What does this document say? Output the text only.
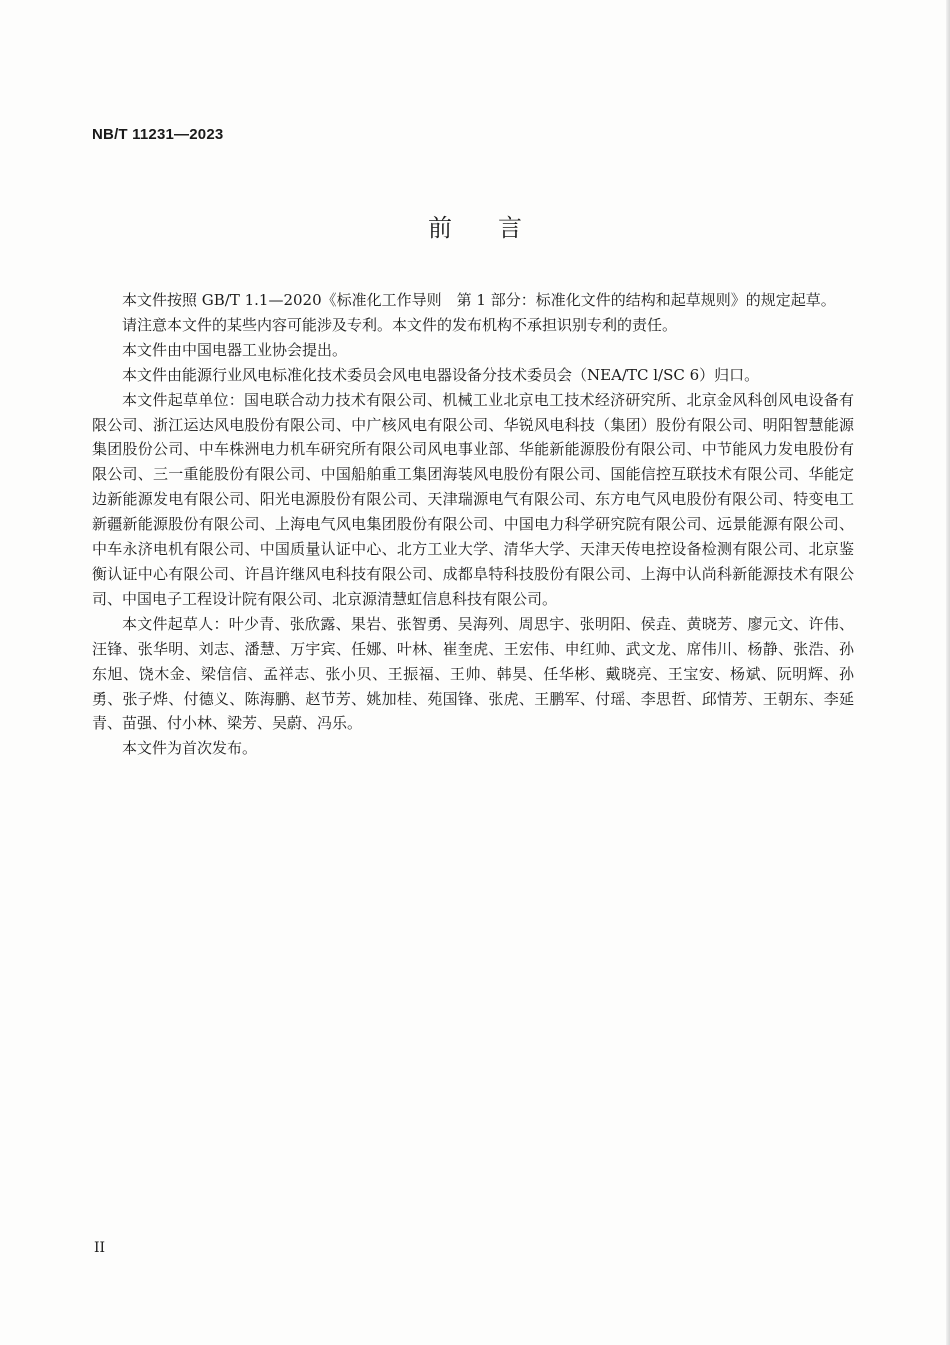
NB/T 11231—2023
前言

本文件按照 GB/T 1.1—2020《标准化工作导则　第 1 部分：标准化文件的结构和起草规则》的规定起草。

请注意本文件的某些内容可能涉及专利。本文件的发布机构不承担识别专利的责任。

本文件由中国电器工业协会提出。

本文件由能源行业风电标准化技术委员会风电电器设备分技术委员会（NEA/TC l/SC 6）归口。

本文件起草单位：国电联合动力技术有限公司、机械工业北京电工技术经济研究所、北京金风科创风电设备有限公司、浙江运达风电股份有限公司、中广核风电有限公司、华锐风电科技（集团）股份有限公司、明阳智慧能源集团股份公司、中车株洲电力机车研究所有限公司风电事业部、华能新能源股份有限公司、中节能风力发电股份有限公司、三一重能股份有限公司、中国船舶重工集团海装风电股份有限公司、国能信控互联技术有限公司、华能定边新能源发电有限公司、阳光电源股份有限公司、天津瑞源电气有限公司、东方电气风电股份有限公司、特变电工新疆新能源股份有限公司、上海电气风电集团股份有限公司、中国电力科学研究院有限公司、远景能源有限公司、中车永济电机有限公司、中国质量认证中心、北方工业大学、清华大学、天津天传电控设备检测有限公司、北京鉴衡认证中心有限公司、许昌许继风电科技有限公司、成都阜特科技股份有限公司、上海中认尚科新能源技术有限公司、中国电子工程设计院有限公司、北京源清慧虹信息科技有限公司。

本文件起草人：叶少青、张欣露、果岩、张智勇、吴海列、周思宇、张明阳、侯垚、黄晓芳、廖元文、许伟、汪锋、张华明、刘志、潘慧、万宇宾、任娜、叶林、崔奎虎、王宏伟、申红帅、武文龙、席伟川、杨静、张浩、孙东旭、饶木金、梁信信、孟祥志、张小贝、王振福、王帅、韩昊、任华彬、戴晓亮、王宝安、杨斌、阮明辉、孙勇、张子烨、付德义、陈海鹏、赵节芳、姚加桂、苑国锋、张虎、王鹏军、付瑶、李思哲、邱情芳、王朝东、李延青、苗强、付小林、梁芳、吴蔚、冯乐。

本文件为首次发布。

II
